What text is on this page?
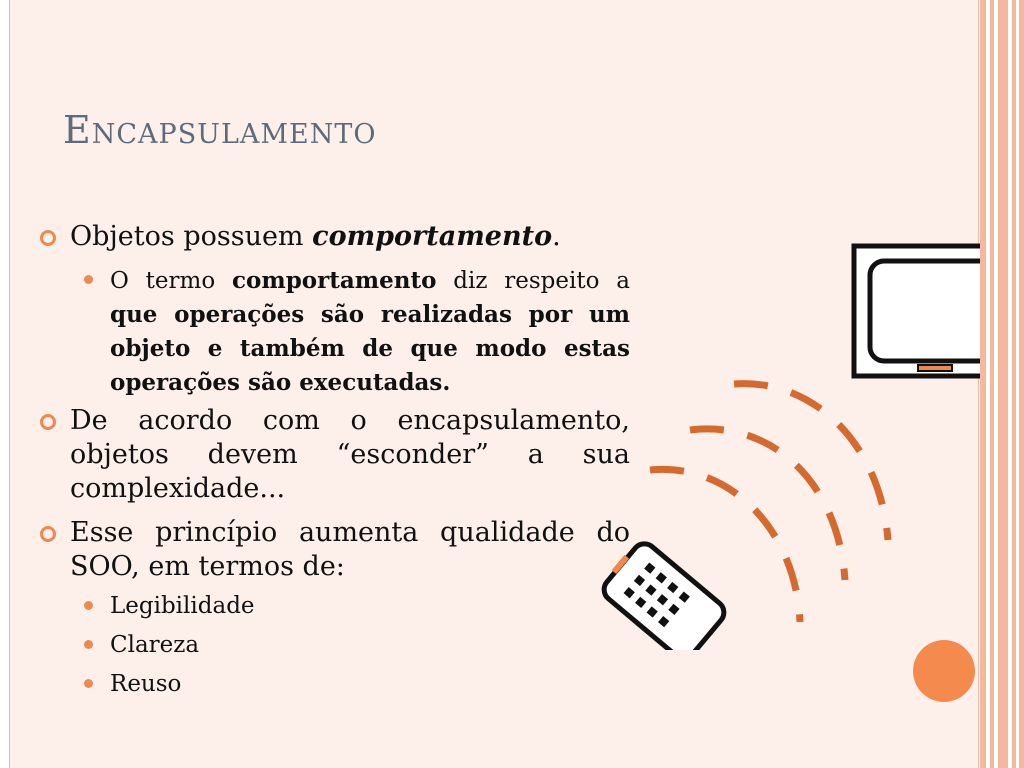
Encapsulamento
Objetos possuem comportamento.
O termo comportamento diz respeito a que operações são realizadas por um objeto e também de que modo estas operações são executadas.
De acordo com o encapsulamento, objetos devem “esconder” a sua complexidade...
Esse princípio aumenta qualidade do SOO, em termos de:
Legibilidade
Clareza
Reuso
